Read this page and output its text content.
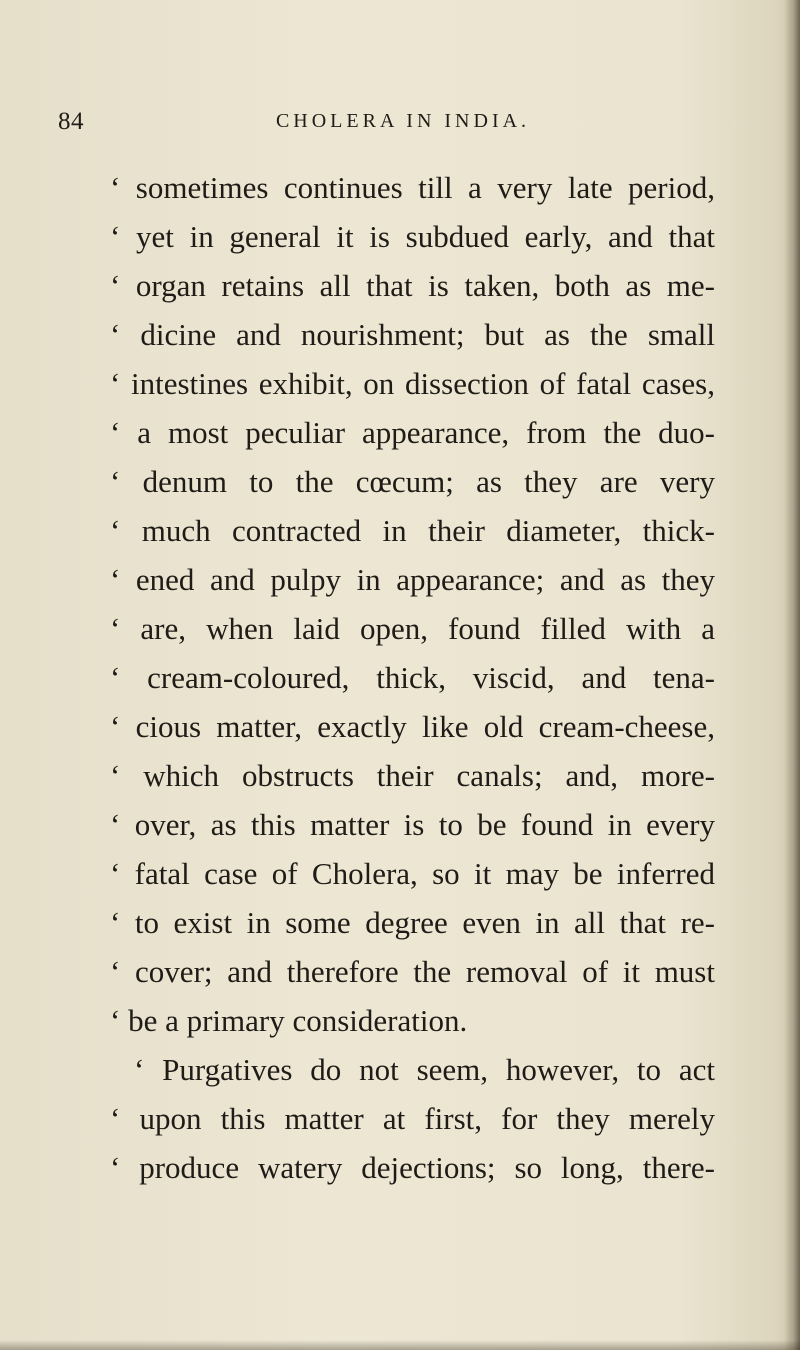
84	CHOLERA IN INDIA.
‘ sometimes continues till a very late period,
‘ yet in general it is subdued early, and that
‘ organ retains all that is taken, both as me-
‘ dicine and nourishment; but as the small
‘ intestines exhibit, on dissection of fatal cases,
‘ a most peculiar appearance, from the duo-
‘ denum to the cœcum; as they are very
‘ much contracted in their diameter, thick-
‘ ened and pulpy in appearance; and as they
‘ are, when laid open, found filled with a
‘ cream-coloured, thick, viscid, and tena-
‘ cious matter, exactly like old cream-cheese,
‘ which obstructs their canals; and, more-
‘ over, as this matter is to be found in every
‘ fatal case of Cholera, so it may be inferred
‘ to exist in some degree even in all that re-
‘ cover; and therefore the removal of it must
‘ be a primary consideration.
‘ Purgatives do not seem, however, to act
‘ upon this matter at first, for they merely
‘ produce watery dejections; so long, there-
